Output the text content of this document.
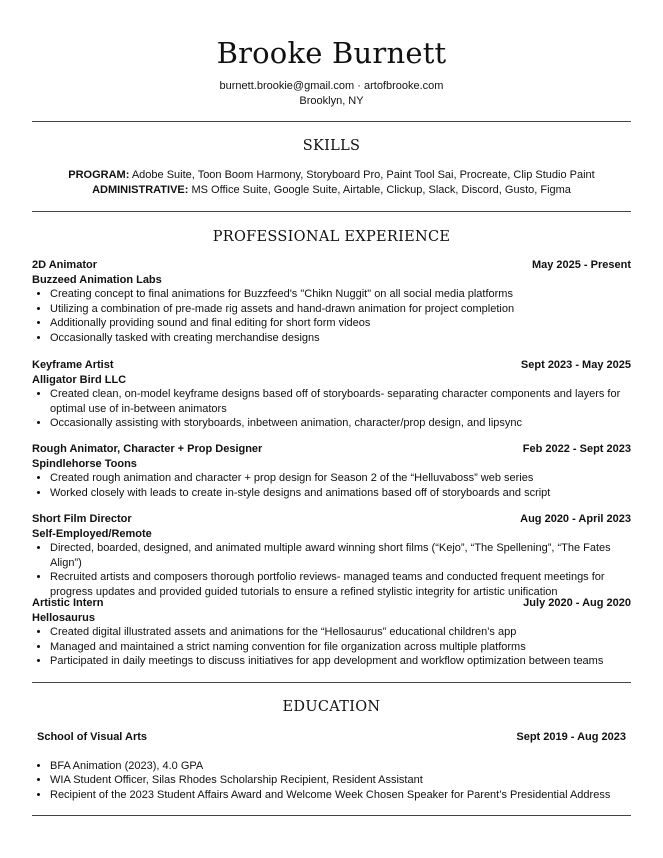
Brooke Burnett
burnett.brookie@gmail.com · artofbrooke.com
Brooklyn, NY
SKILLS
PROGRAM: Adobe Suite, Toon Boom Harmony, Storyboard Pro, Paint Tool Sai, Procreate, Clip Studio Paint
ADMINISTRATIVE: MS Office Suite, Google Suite, Airtable, Clickup, Slack, Discord, Gusto, Figma
PROFESSIONAL EXPERIENCE
2D Animator	May 2025 - Present
Buzzeed Animation Labs
• Creating concept to final animations for Buzzfeed's "Chikn Nuggit" on all social media platforms
• Utilizing a combination of pre-made rig assets and hand-drawn animation for project completion
• Additionally providing sound and final editing for short form videos
• Occasionally tasked with creating merchandise designs
Keyframe Artist	Sept 2023 - May 2025
Alligator Bird LLC
• Created clean, on-model keyframe designs based off of storyboards- separating character components and layers for optimal use of in-between animators
• Occasionally assisting with storyboards, inbetween animation, character/prop design, and lipsync
Rough Animator, Character + Prop Designer	Feb 2022 - Sept 2023
Spindlehorse Toons
• Created rough animation and character + prop design for Season 2 of the “Helluvaboss” web series
• Worked closely with leads to create in-style designs and animations based off of storyboards and script
Short Film Director	Aug 2020 - April 2023
Self-Employed/Remote
• Directed, boarded, designed, and animated multiple award winning short films (“Kejo”, “The Spellening”, “The Fates Align”)
• Recruited artists and composers thorough portfolio reviews- managed teams and conducted frequent meetings for progress updates and provided guided tutorials to ensure a refined stylistic integrity for artistic unification
Artistic Intern	July 2020 - Aug 2020
Hellosaurus
• Created digital illustrated assets and animations for the “Hellosaurus” educational children’s app
• Managed and maintained a strict naming convention for file organization across multiple platforms
• Participated in daily meetings to discuss initiatives for app development and workflow optimization between teams
EDUCATION
School of Visual Arts	Sept 2019 - Aug 2023
• BFA Animation (2023), 4.0 GPA
• WIA Student Officer, Silas Rhodes Scholarship Recipient, Resident Assistant
• Recipient of the 2023 Student Affairs Award and Welcome Week Chosen Speaker for Parent’s Presidential Address
